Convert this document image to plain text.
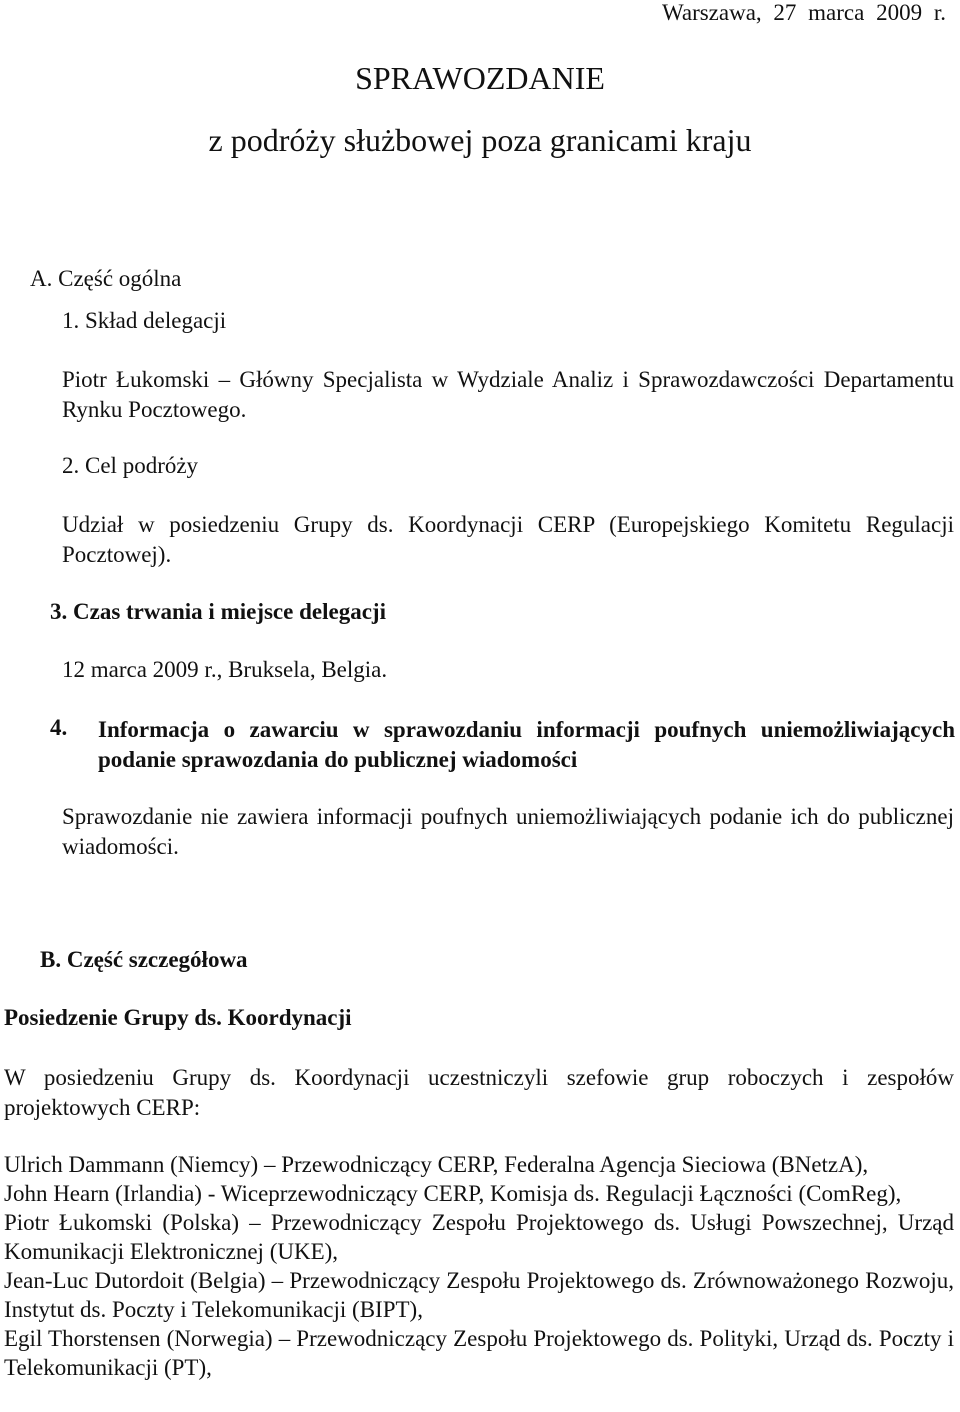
Warszawa, 27 marca 2009 r.
SPRAWOZDANIE
z podróży służbowej poza granicami kraju
A. Część ogólna
1. Skład delegacji
Piotr Łukomski – Główny Specjalista w Wydziale Analiz i Sprawozdawczości Departamentu Rynku Pocztowego.
2. Cel podróży
Udział w posiedzeniu Grupy ds. Koordynacji CERP (Europejskiego Komitetu Regulacji Pocztowej).
3. Czas trwania i miejsce delegacji
12 marca 2009 r., Bruksela, Belgia.
4. Informacja o zawarciu w sprawozdaniu informacji poufnych uniemożliwiających podanie sprawozdania do publicznej wiadomości
Sprawozdanie nie zawiera informacji poufnych uniemożliwiających podanie ich do publicznej wiadomości.
B. Część szczegółowa
Posiedzenie Grupy ds. Koordynacji
W posiedzeniu Grupy ds. Koordynacji uczestniczyli szefowie grup roboczych i zespołów projektowych CERP:
Ulrich Dammann (Niemcy) – Przewodniczący CERP, Federalna Agencja Sieciowa (BNetzA),
John Hearn (Irlandia) - Wiceprzewodniczący CERP, Komisja ds. Regulacji Łączności (ComReg),
Piotr Łukomski (Polska) – Przewodniczący Zespołu Projektowego ds. Usługi Powszechnej, Urząd Komunikacji Elektronicznej (UKE),
Jean-Luc Dutordoit (Belgia) – Przewodniczący Zespołu Projektowego ds. Zrównoważonego Rozwoju, Instytut ds. Poczty i Telekomunikacji (BIPT),
Egil Thorstensen (Norwegia) – Przewodniczący Zespołu Projektowego ds. Polityki, Urząd ds. Poczty i Telekomunikacji (PT),
